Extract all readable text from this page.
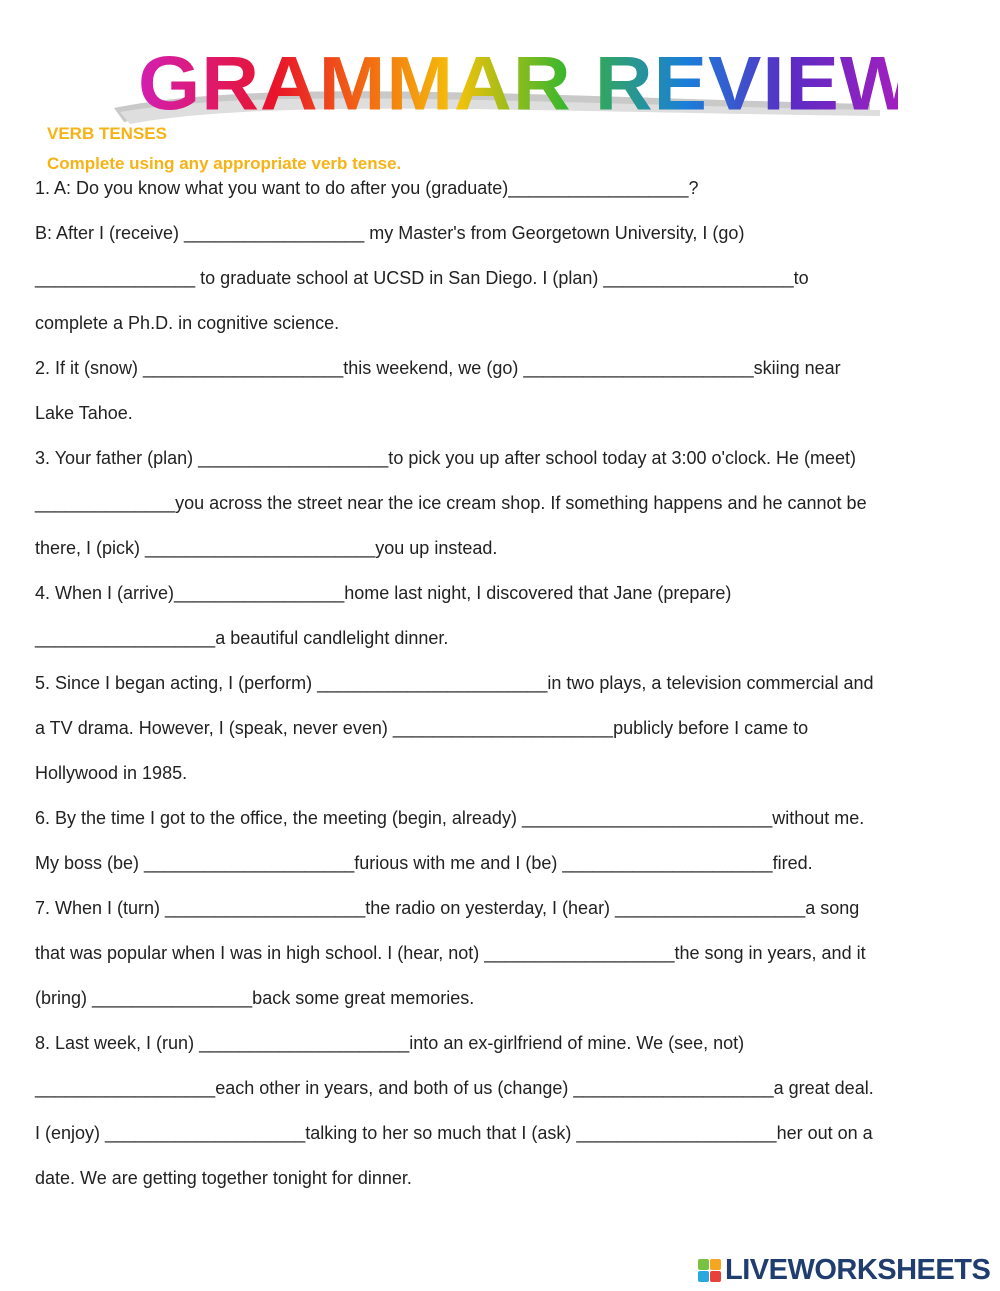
GRAMMAR REVIEW
VERB TENSES
Complete using any appropriate verb tense.
1. A: Do you know what you want to do after you (graduate)__________________?
B: After I (receive) __________________ my Master's from Georgetown University, I (go)
________________ to graduate school at UCSD in San Diego. I (plan) ___________________to
complete a Ph.D. in cognitive science.
2. If it (snow) ____________________this weekend, we (go) _______________________skiing near
Lake Tahoe.
3. Your father (plan) ___________________to pick you up after school today at 3:00 o'clock. He (meet)
______________you across the street near the ice cream shop. If something happens and he cannot be
there, I (pick) _______________________you up instead.
4. When I (arrive)_________________home last night, I discovered that Jane (prepare)
__________________a beautiful candlelight dinner.
5. Since I began acting, I (perform) _______________________in two plays, a television commercial and
a TV drama. However, I (speak, never even) ______________________publicly before I came to
Hollywood in 1985.
6. By the time I got to the office, the meeting (begin, already) _________________________without me.
My boss (be) _____________________furious with me and I (be) _____________________fired.
7. When I (turn) ____________________the radio on yesterday, I (hear) ___________________a song
that was popular when I was in high school. I (hear, not) ___________________the song in years, and it
(bring) ________________back some great memories.
8. Last week, I (run) _____________________into an ex-girlfriend of mine. We (see, not)
__________________each other in years, and both of us (change) ____________________a great deal.
I (enjoy) ____________________talking to her so much that I (ask) ____________________her out on a
date. We are getting together tonight for dinner.
LIVEWORKSHEETS
